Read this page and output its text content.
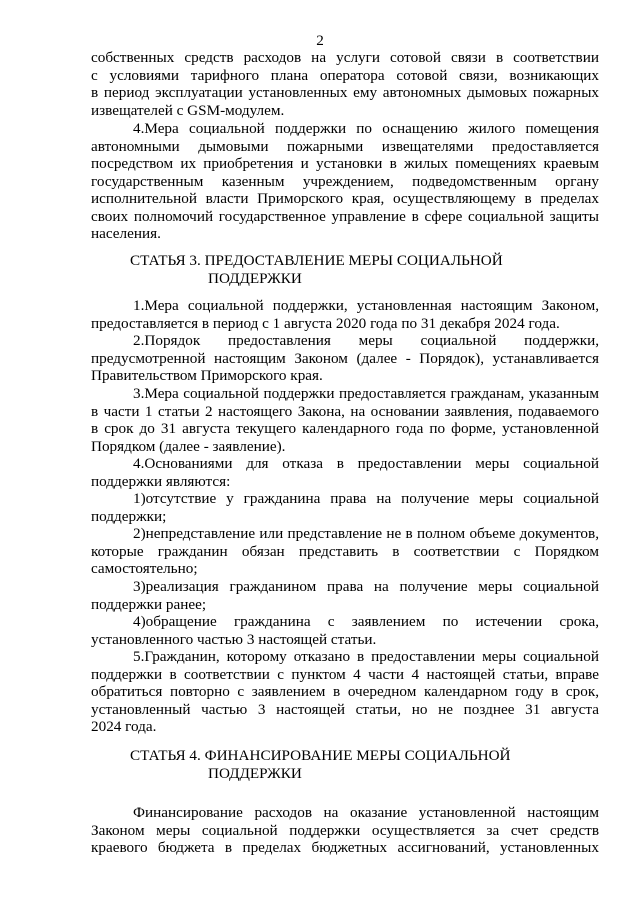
2
собственных средств расходов на услуги сотовой связи в соответствии
с условиями тарифного плана оператора сотовой связи, возникающих
в период эксплуатации установленных ему автономных дымовых пожарных
извещателей с GSM-модулем.
4.Мера социальной поддержки по оснащению жилого помещения
автономными дымовыми пожарными извещателями предоставляется
посредством их приобретения и установки в жилых помещениях краевым
государственным казенным учреждением, подведомственным органу
исполнительной власти Приморского края, осуществляющему в пределах
своих полномочий государственное управление в сфере социальной защиты
населения.
СТАТЬЯ 3. ПРЕДОСТАВЛЕНИЕ МЕРЫ СОЦИАЛЬНОЙ
ПОДДЕРЖКИ
1.Мера социальной поддержки, установленная настоящим Законом,
предоставляется в период с 1 августа 2020 года по 31 декабря 2024 года.
2.Порядок предоставления меры социальной поддержки,
предусмотренной настоящим Законом (далее - Порядок), устанавливается
Правительством Приморского края.
3.Мера социальной поддержки предоставляется гражданам, указанным
в части 1 статьи 2 настоящего Закона, на основании заявления, подаваемого
в срок до 31 августа текущего календарного года по форме, установленной
Порядком (далее - заявление).
4.Основаниями для отказа в предоставлении меры социальной
поддержки являются:
1)отсутствие у гражданина права на получение меры социальной
поддержки;
2)непредставление или представление не в полном объеме документов,
которые гражданин обязан представить в соответствии с Порядком
самостоятельно;
3)реализация гражданином права на получение меры социальной
поддержки ранее;
4)обращение гражданина с заявлением по истечении срока,
установленного частью 3 настоящей статьи.
5.Гражданин, которому отказано в предоставлении меры социальной
поддержки в соответствии с пунктом 4 части 4 настоящей статьи, вправе
обратиться повторно с заявлением в очередном календарном году в срок,
установленный частью 3 настоящей статьи, но не позднее 31 августа
2024 года.
СТАТЬЯ 4. ФИНАНСИРОВАНИЕ МЕРЫ СОЦИАЛЬНОЙ
ПОДДЕРЖКИ
Финансирование расходов на оказание установленной настоящим
Законом меры социальной поддержки осуществляется за счет средств
краевого бюджета в пределах бюджетных ассигнований, установленных
